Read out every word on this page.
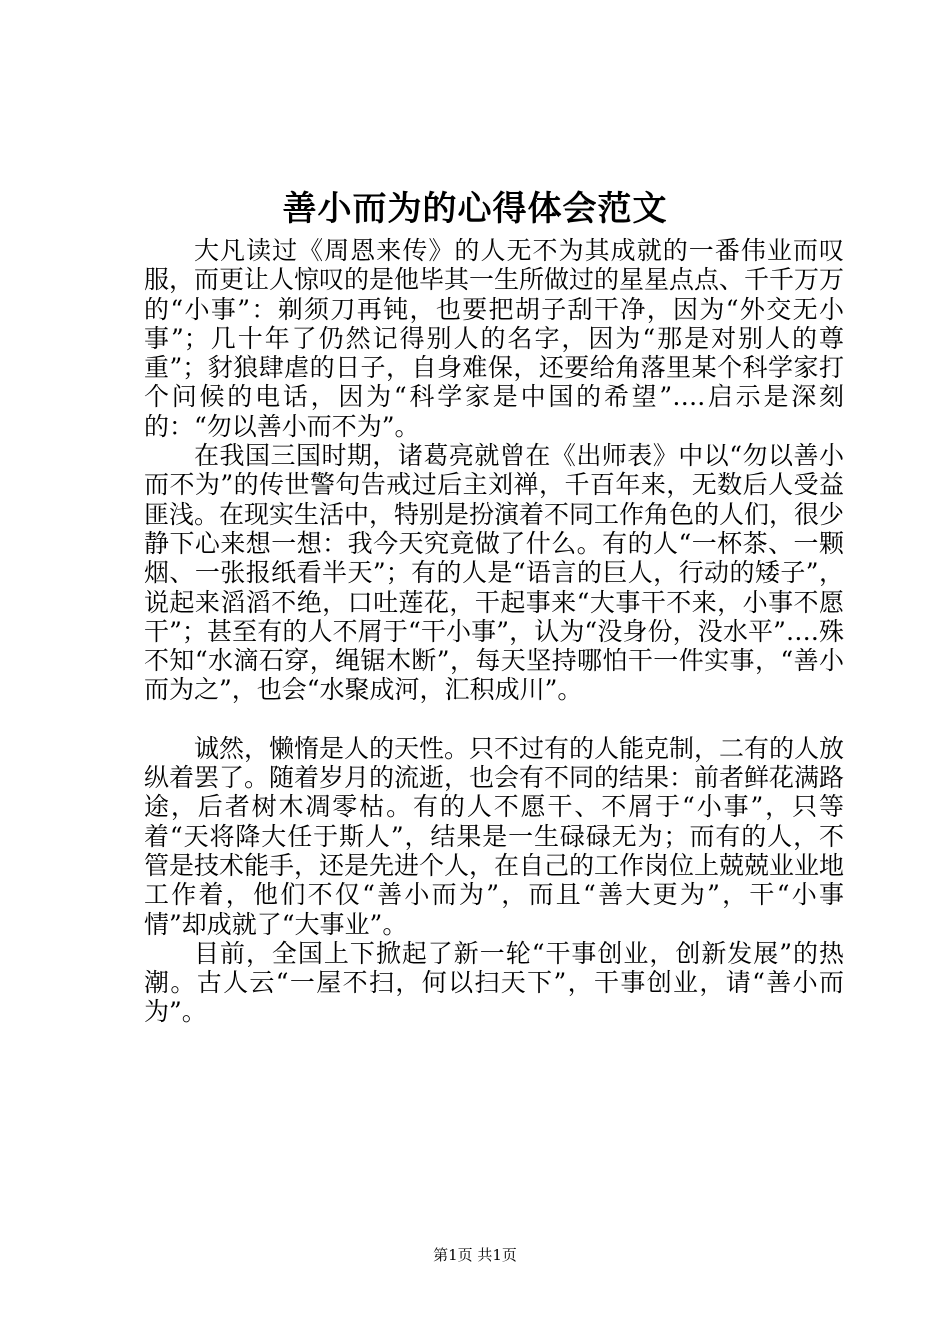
善小而为的心得体会范文

大凡读过《周恩来传》的人无不为其成就的一番伟业而叹服，而更让人惊叹的是他毕其一生所做过的星星点点、千千万万的“小事”：剃须刀再钝，也要把胡子刮干净，因为“外交无小事”；几十年了仍然记得别人的名字，因为“那是对别人的尊重”；豺狼肆虐的日子，自身难保，还要给角落里某个科学家打个问候的电话，因为“科学家是中国的希望”….启示是深刻的：“勿以善小而不为”。

在我国三国时期，诸葛亮就曾在《出师表》中以“勿以善小而不为”的传世警句告戒过后主刘禅，千百年来，无数后人受益匪浅。在现实生活中，特别是扮演着不同工作角色的人们，很少静下心来想一想：我今天究竟做了什么。有的人“一杯茶、一颗烟、一张报纸看半天”；有的人是“语言的巨人，行动的矮子”，说起来滔滔不绝，口吐莲花，干起事来“大事干不来，小事不愿干”；甚至有的人不屑于“干小事”，认为“没身份，没水平”….殊不知“水滴石穿，绳锯木断”，每天坚持哪怕干一件实事，“善小而为之”，也会“水聚成河，汇积成川”。

诚然，懒惰是人的天性。只不过有的人能克制，二有的人放纵着罢了。随着岁月的流逝，也会有不同的结果：前者鲜花满路途，后者树木凋零枯。有的人不愿干、不屑于“小事”，只等着“天将降大任于斯人”，结果是一生碌碌无为；而有的人，不管是技术能手，还是先进个人，在自己的工作岗位上兢兢业业地工作着，他们不仅“善小而为”，而且“善大更为”，干“小事情”却成就了“大事业”。

目前，全国上下掀起了新一轮“干事创业，创新发展”的热潮。古人云“一屋不扫，何以扫天下”，干事创业，请“善小而为”。

第1页 共1页
